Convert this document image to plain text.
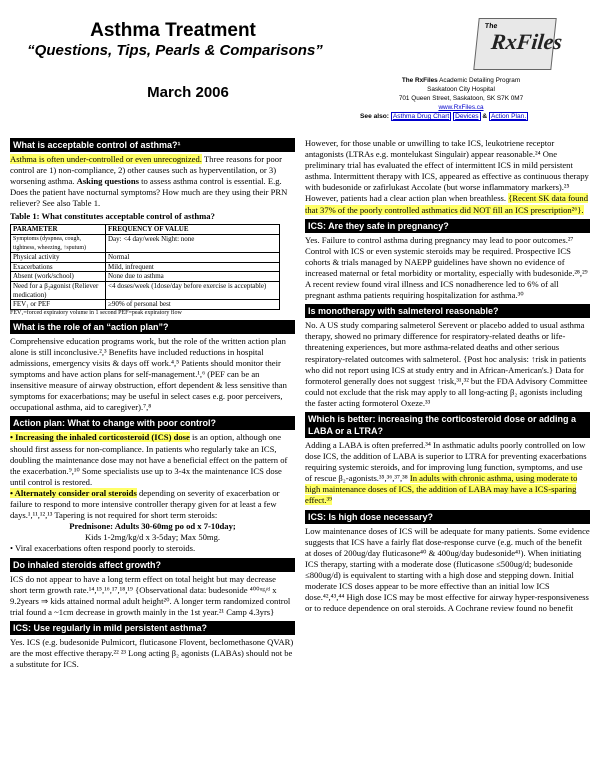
Asthma Treatment
“Questions, Tips, Pearls & Comparisons”
March 2006
The
RxFiles
The RxFiles Academic Detailing Program
Saskatoon City Hospital
701 Queen Street, Saskatoon, SK S7K 0M7
www.RxFiles.ca
See also: Asthma Drug Chart Devices & Action Plan.
What is acceptable control of asthma?¹
Asthma is often under-controlled or even unrecognized. Three reasons for poor control are 1) non-compliance, 2) other causes such as hyperventilation, or 3) worsening asthma. Asking questions to assess asthma control is essential. E.g. Does the patient have nocturnal symptoms? How much are they using their PRN reliever? See also Table 1.
Table 1: What constitutes acceptable control of asthma?
PARAMETER	FREQUENCY OF VALUE
Symptoms (dyspnea, cough, tightness, wheezing, ↑sputum)	Day: <4 day/week Night: none
Physical activity	Normal
Exacerbations	Mild, infrequent
Absent (work/school)	None due to asthma
Need for a β₂agonist (Reliever medication)	<4 doses/week (1dose/day before exercise is acceptable)
FEV₁ or PEF	≥90% of personal best
FEV₁=forced expiratory volume in 1 second PEF=peak expiratory flow
What is the role of an “action plan”?
Comprehensive education programs work, but the role of the written action plan alone is still inconclusive.²,³ Benefits have included reductions in hospital admissions, emergency visits & days off work.⁴,⁵ Patients should monitor their symptoms and have action plans for self-management.¹,⁶ (PEF can be an insensitive measure of airway obstruction, effort dependent & less sensitive than symptoms for exacerbations; may be useful in select cases e.g. poor perceivers, occupational asthma, aid to caregiver).⁷,⁸
Action plan: What to change with poor control?
• Increasing the inhaled corticosteroid (ICS) dose is an option, although one should first assess for non-compliance. In patients who regularly take an ICS, doubling the maintenance dose may not have a beneficial effect on the pattern of the exacerbation.⁹,¹⁰ Some specialists use up to 3-4x the maintenance ICS dose until control is restored.
• Alternately consider oral steroids depending on severity of exacerbation or failure to respond to more intensive controller therapy given for at least a few days.¹,¹¹,¹²,¹³ Tapering is not required for short term steroids:
Prednisone: Adults 30-60mg po od x 7-10day;
Kids 1-2mg/kg/d x 3-5day; Max 50mg.
• Viral exacerbations often respond poorly to steroids.
Do inhaled steroids affect growth?
ICS do not appear to have a long term effect on total height but may decrease short term growth rate.¹⁴,¹⁵,¹⁶,¹⁷,¹⁸,¹⁹ {Observational data: budesonide ⁴⁰⁰ᵘᵍ/ᵈ x 9.2years ⇒ kids attained normal adult height²⁰. A longer term randomized control trial found a ~1cm decrease in growth mainly in the 1st year.²¹ Camp 4.3yrs}
ICS: Use regularly in mild persistent asthma?
Yes. ICS (e.g. budesonide Pulmicort, fluticasone Flovent, beclomethasone QVAR) are the most effective therapy.²² ²³ Long acting β₂ agonists (LABAs) should not be a substitute for ICS.
However, for those unable or unwilling to take ICS, leukotriene receptor antagonists (LTRAs e.g. montelukast Singulair) appear reasonable.²⁴ One preliminary trial has evaluated the effect of intermittent ICS in mild persistent asthma. Intermittent therapy with ICS, appeared as effective as continuous therapy with budesonide or zafirlukast Accolate (but worse inflammatory markers).²⁵ However, patients had a clear action plan when breathless. {Recent SK data found that 37% of the poorly controlled asthmatics did NOT fill an ICS prescription²⁶}.
ICS: Are they safe in pregnancy?
Yes. Failure to control asthma during pregnancy may lead to poor outcomes.²⁷ Control with ICS or even systemic steroids may be required. Prospective ICS cohorts & trials managed by NAEPP guidelines have shown no evidence of increased maternal or fetal morbidity or mortality, especially with budesonide.²⁸,²⁹ A recent review found viral illness and ICS nonadherence led to 6% of all pregnant asthma patients requiring hospitalization for asthma.³⁰
Is monotherapy with salmeterol reasonable?
No. A US study comparing salmeterol Serevent or placebo added to usual asthma therapy, showed no primary difference for respiratory-related deaths or life-threatening experiences, but more asthma-related deaths and other serious respiratory-related outcomes with salmeterol. {Post hoc analysis: ↑risk in patients who did not report using ICS at study entry and in African-American's.} Data for formoterol generally does not suggest ↑risk,³¹,³² but the FDA Advisory Committee could not exclude that the risk may apply to all long-acting β₂ agonists including the faster acting formoterol Oxeze.³³
Which is better: increasing the corticosteroid dose or adding a LABA or a LTRA?
Adding a LABA is often preferred.³⁴ In asthmatic adults poorly controlled on low dose ICS, the addition of LABA is superior to LTRA for preventing exacerbations requiring systemic steroids, and for improving lung function, symptoms, and use of rescue β₂-agonists.³⁵,³⁶,³⁷,³⁸ In adults with chronic asthma, using moderate to high maintenance doses of ICS, the addition of LABA may have a ICS-sparing effect.³⁹
ICS: Is high dose necessary?
Low maintenance doses of ICS will be adequate for many patients. Some evidence suggests that ICS have a fairly flat dose-response curve (e.g. much of the benefit at doses of 200ug/day fluticasone⁴⁰ & 400ug/day budesonide⁴¹). When initiating ICS therapy, starting with a moderate dose (fluticasone ≤500ug/d; budesonide ≤800ug/d) is equivalent to starting with a high dose and stepping down. Initial moderate ICS doses appear to be more effective than an initial low ICS dose.⁴²,⁴³,⁴⁴ High dose ICS may be most effective for airway hyper-responsiveness or to reduce dependence on oral steroids. A Cochrane review found no benefit
